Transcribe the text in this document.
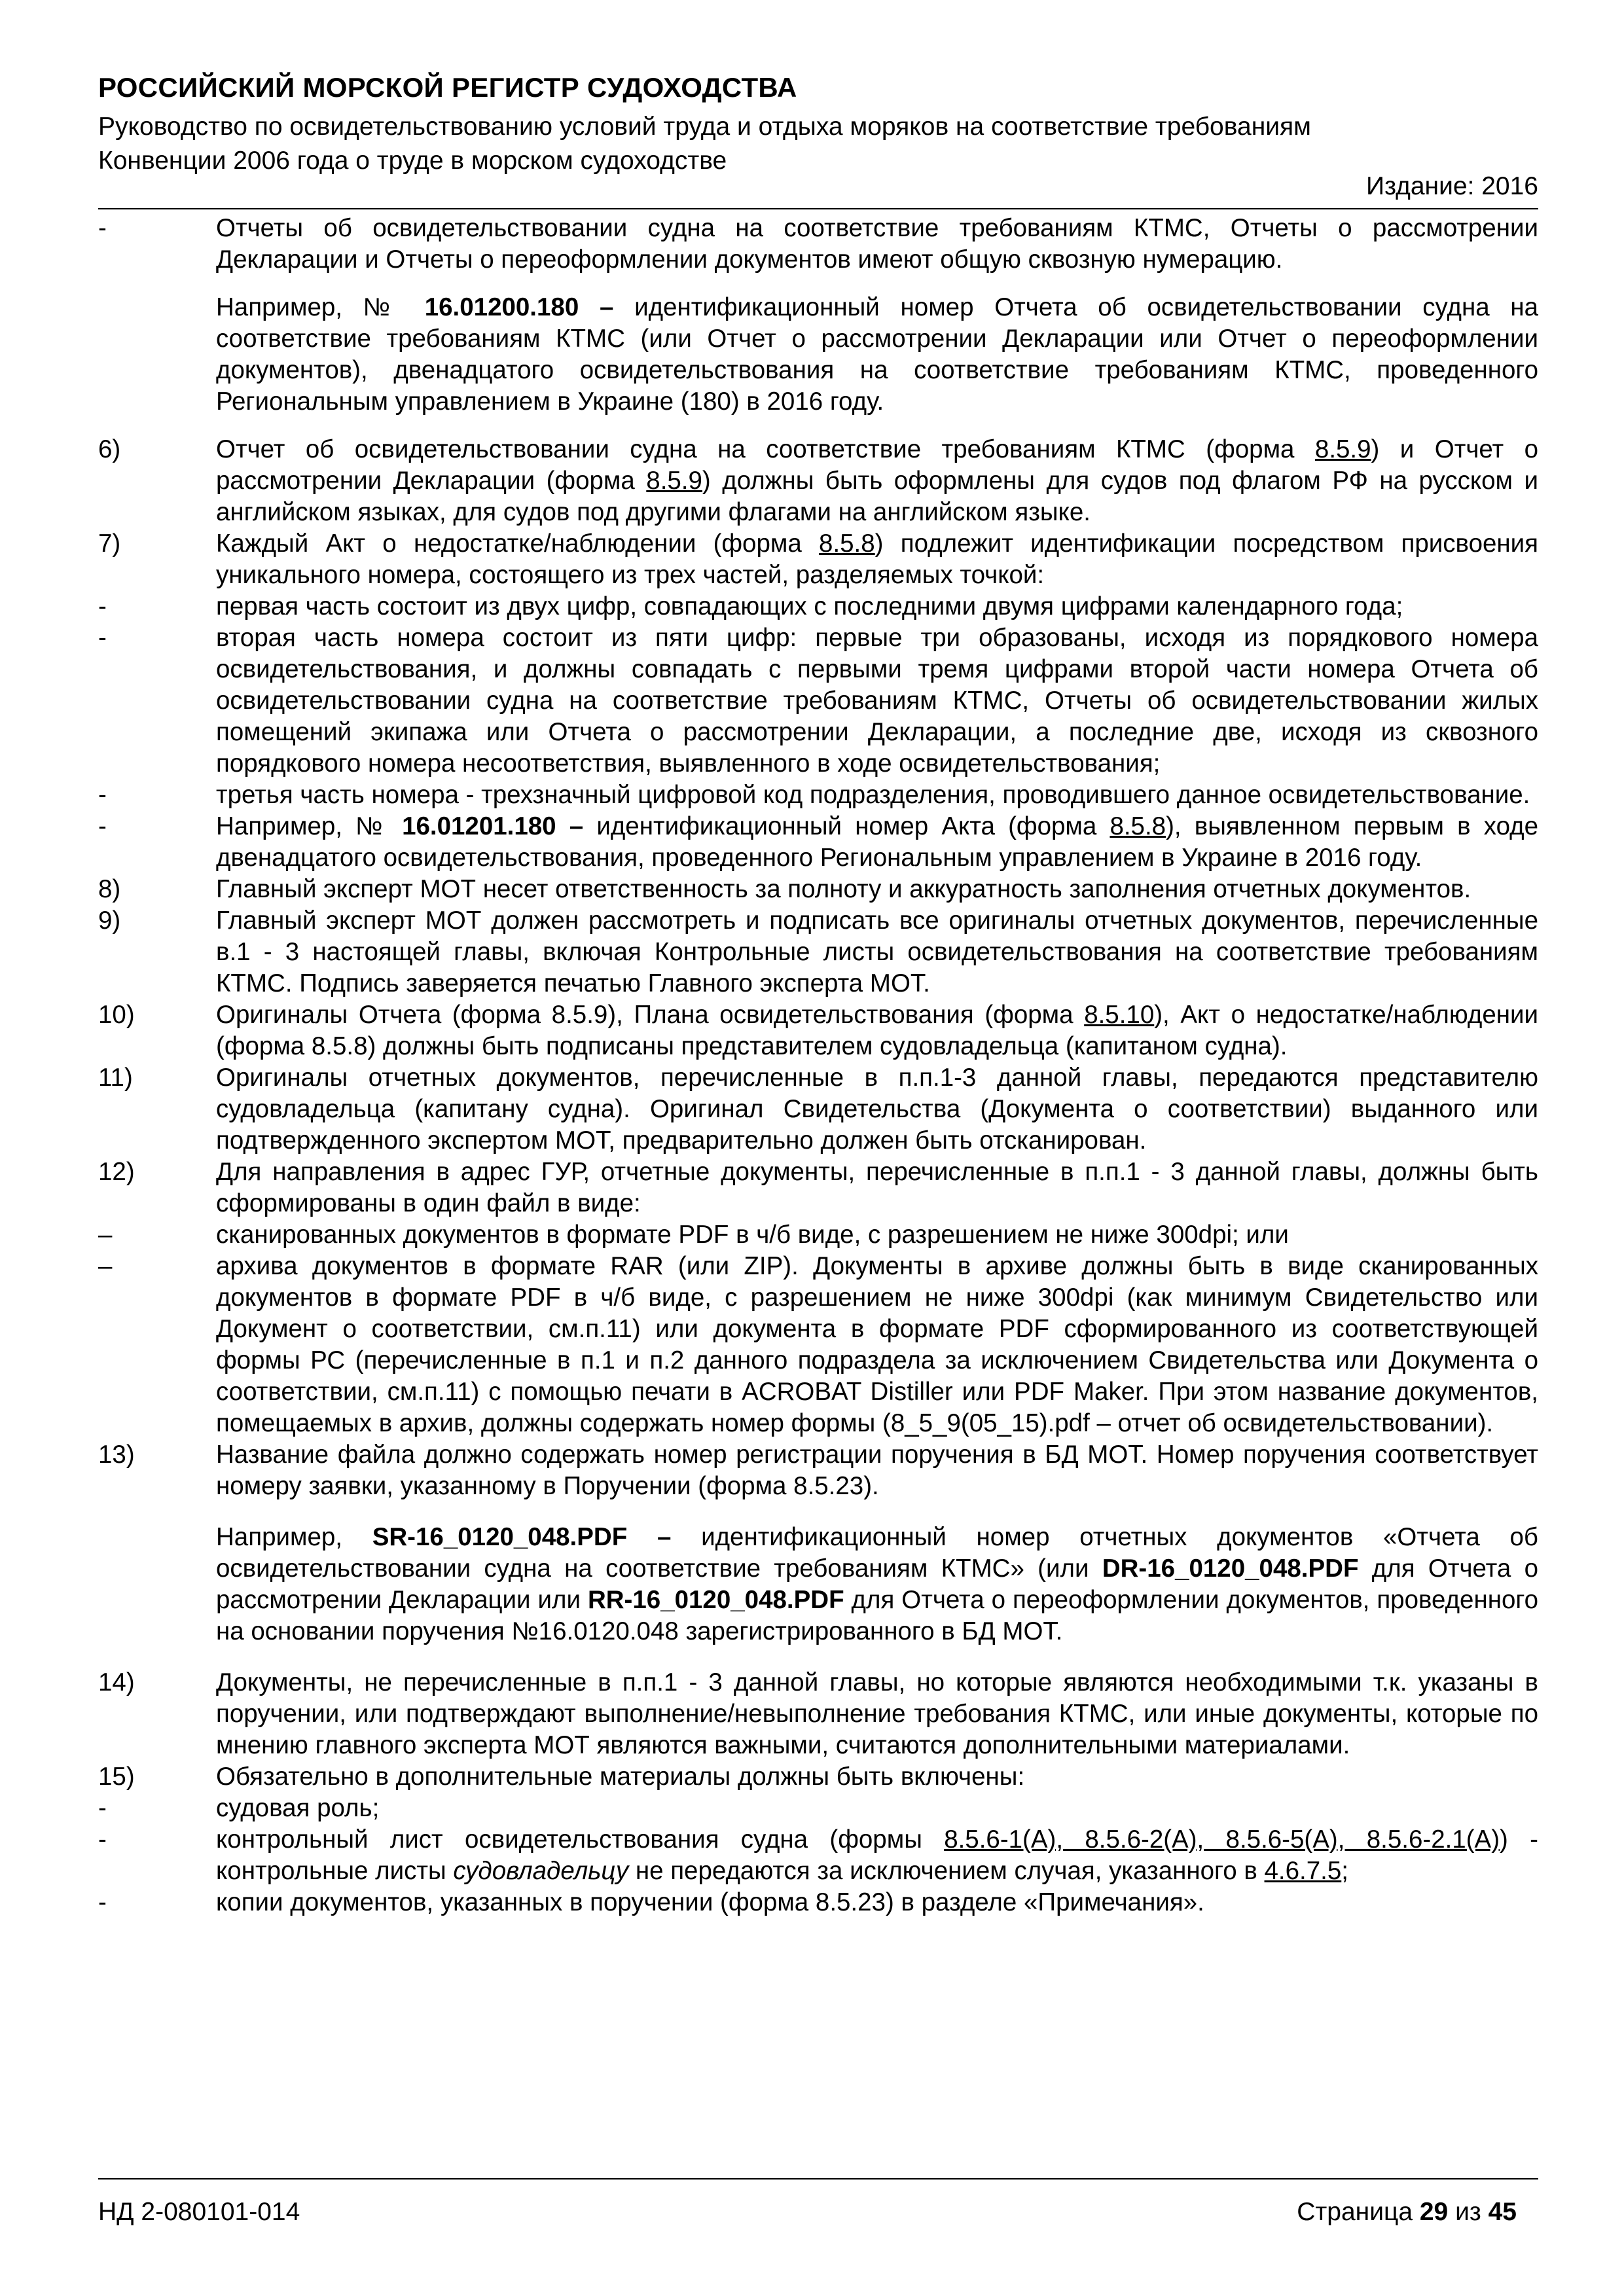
РОССИЙСКИЙ МОРСКОЙ РЕГИСТР СУДОХОДСТВА
Руководство по освидетельствованию условий труда и отдыха моряков на соответствие требованиям
Конвенции 2006 года о труде в морском судоходстве
Издание: 2016
-	Отчеты об освидетельствовании судна на соответствие требованиям КТМС, Отчеты о рассмотрении Декларации и Отчеты о переоформлении документов имеют общую сквозную нумерацию.
Например, № 16.01200.180 – идентификационный номер Отчета об освидетельствовании судна на соответствие требованиям КТМС (или Отчет о рассмотрении Декларации или Отчет о переоформлении документов), двенадцатого освидетельствования на соответствие требованиям КТМС, проведенного Региональным управлением в Украине (180) в 2016 году.
6)	Отчет об освидетельствовании судна на соответствие требованиям КТМС (форма 8.5.9) и Отчет о рассмотрении Декларации (форма 8.5.9) должны быть оформлены для судов под флагом РФ на русском и английском языках, для судов под другими флагами на английском языке.
7)	Каждый Акт о недостатке/наблюдении (форма 8.5.8) подлежит идентификации посредством присвоения уникального номера, состоящего из трех частей, разделяемых точкой:
-	первая часть состоит из двух цифр, совпадающих с последними двумя цифрами календарного года;
-	вторая часть номера состоит из пяти цифр: первые три образованы, исходя из порядкового номера освидетельствования, и должны совпадать с первыми тремя цифрами второй части номера Отчета об освидетельствовании судна на соответствие требованиям КТМС, Отчеты об освидетельствовании жилых помещений экипажа или Отчета о рассмотрении Декларации, а последние две, исходя из сквозного порядкового номера несоответствия, выявленного в ходе освидетельствования;
-	третья часть номера - трехзначный цифровой код подразделения, проводившего данное освидетельствование.
-	Например, № 16.01201.180 – идентификационный номер Акта (форма 8.5.8), выявленном первым в ходе двенадцатого освидетельствования, проведенного Региональным управлением в Украине в 2016 году.
8)	Главный эксперт МОТ несет ответственность за полноту и аккуратность заполнения отчетных документов.
9)	Главный эксперт МОТ должен рассмотреть и подписать все оригиналы отчетных документов, перечисленные в.1 - 3 настоящей главы, включая Контрольные листы освидетельствования на соответствие требованиям КТМС. Подпись заверяется печатью Главного эксперта МОТ.
10)	Оригиналы Отчета (форма 8.5.9), Плана освидетельствования (форма 8.5.10), Акт о недостатке/наблюдении (форма 8.5.8) должны быть подписаны представителем судовладельца (капитаном судна).
11)	Оригиналы отчетных документов, перечисленные в п.п.1-3 данной главы, передаются представителю судовладельца (капитану судна). Оригинал Свидетельства (Документа о соответствии) выданного или подтвержденного экспертом МОТ, предварительно должен быть отсканирован.
12)	Для направления в адрес ГУР, отчетные документы, перечисленные в п.п.1 - 3 данной главы, должны быть сформированы в один файл в виде:
–	сканированных документов в формате PDF в ч/б виде, с разрешением не ниже 300dpi; или
–	архива документов в формате RAR (или ZIP). Документы в архиве должны быть в виде сканированных документов в формате PDF в ч/б виде, с разрешением не ниже 300dpi (как минимум Свидетельство или Документ о соответствии, см.п.11) или документа в формате PDF сформированного из соответствующей формы РС (перечисленные в п.1 и п.2 данного подраздела за исключением Свидетельства или Документа о соответствии, см.п.11) с помощью печати в ACROBAT Distiller или PDF Maker. При этом название документов, помещаемых в архив, должны содержать номер формы (8_5_9(05_15).pdf – отчет об освидетельствовании).
13)	Название файла должно содержать номер регистрации поручения в БД МОТ. Номер поручения соответствует номеру заявки, указанному в Поручении (форма 8.5.23).
Например, SR-16_0120_048.PDF – идентификационный номер отчетных документов «Отчета об освидетельствовании судна на соответствие требованиям КТМС» (или DR-16_0120_048.PDF для Отчета о рассмотрении Декларации или RR-16_0120_048.PDF для Отчета о переоформлении документов, проведенного на основании поручения №16.0120.048 зарегистрированного в БД МОТ.
14)	Документы, не перечисленные в п.п.1 - 3 данной главы, но которые являются необходимыми т.к. указаны в поручении, или подтверждают выполнение/невыполнение требования КТМС, или иные документы, которые по мнению главного эксперта МОТ являются важными, считаются дополнительными материалами.
15)	Обязательно в дополнительные материалы должны быть включены:
-	судовая роль;
-	контрольный лист освидетельствования судна (формы 8.5.6-1(А), 8.5.6-2(А), 8.5.6-5(А), 8.5.6-2.1(А)) - контрольные листы судовладельцу не передаются за исключением случая, указанного в 4.6.7.5;
-	копии документов, указанных в поручении (форма 8.5.23) в разделе «Примечания».
НД 2-080101-014	Страница 29 из 45
